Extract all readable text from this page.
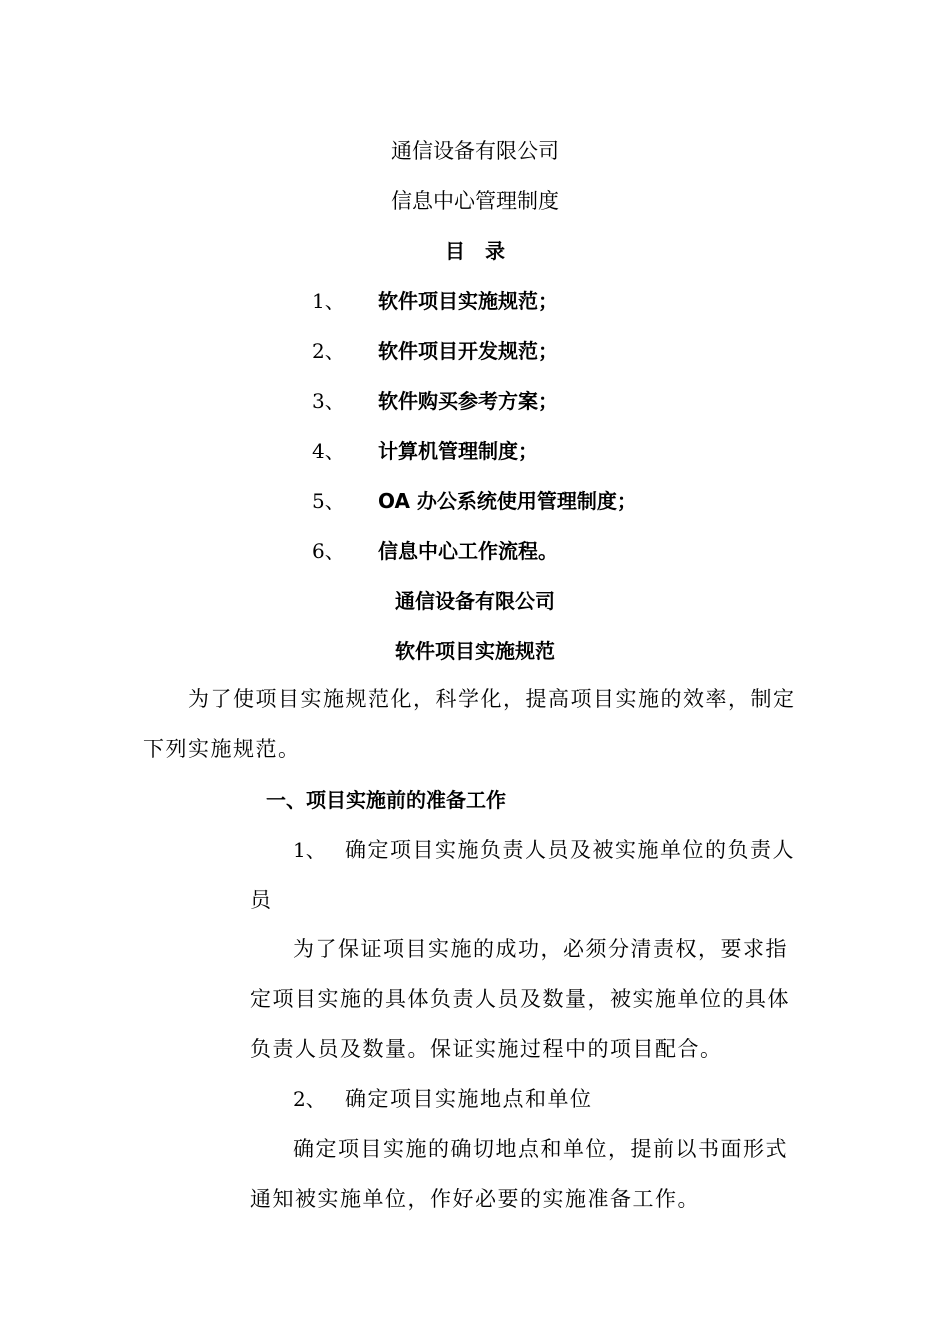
通信设备有限公司
信息中心管理制度
目　录
1、 软件项目实施规范；
2、 软件项目开发规范；
3、 软件购买参考方案；
4、 计算机管理制度；
5、 OA 办公系统使用管理制度；
6、 信息中心工作流程。
通信设备有限公司
软件项目实施规范
为了使项目实施规范化，科学化，提高项目实施的效率，制定
下列实施规范。
一、项目实施前的准备工作
1、 确定项目实施负责人员及被实施单位的负责人
员
为了保证项目实施的成功，必须分清责权，要求指
定项目实施的具体负责人员及数量，被实施单位的具体
负责人员及数量。保证实施过程中的项目配合。
2、 确定项目实施地点和单位
确定项目实施的确切地点和单位，提前以书面形式
通知被实施单位，作好必要的实施准备工作。
